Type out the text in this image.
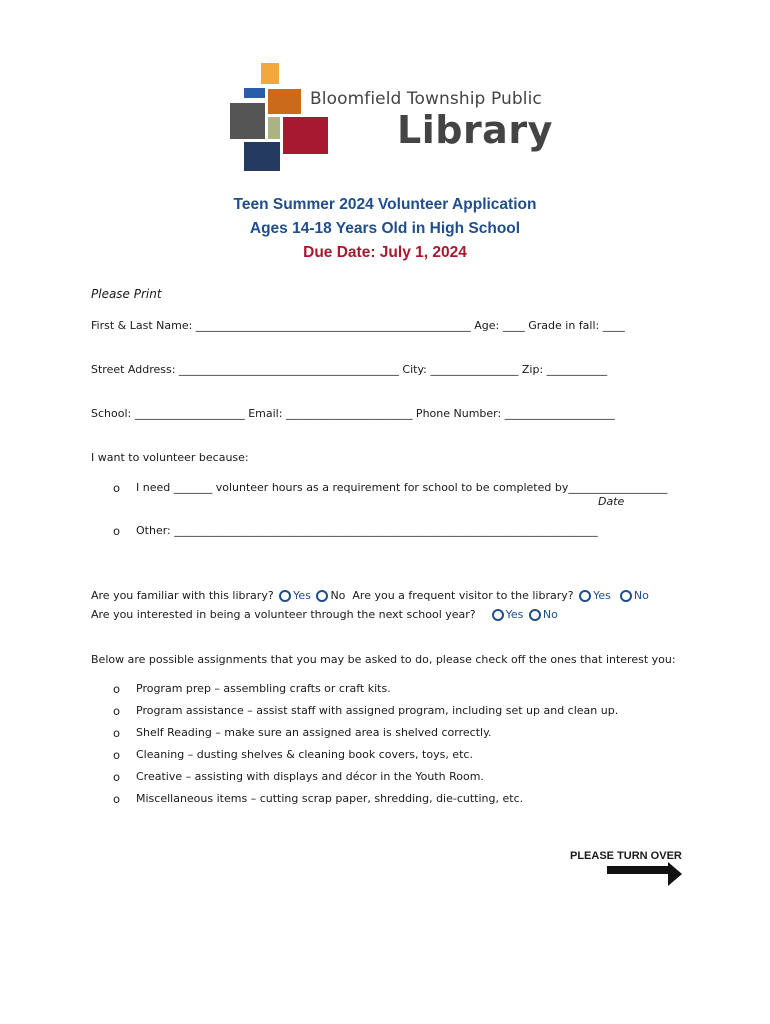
Bloomfield Township Public
Library
Teen Summer 2024 Volunteer Application
Ages 14-18 Years Old in High School
Due Date: July 1, 2024
Please Print
First & Last Name: __________________________________________________ Age: ____ Grade in fall: ____
Street Address: ________________________________________ City: ________________ Zip: ___________
School: ____________________ Email: _______________________ Phone Number: ____________________
I want to volunteer because:
o I need _______ volunteer hours as a requirement for school to be completed by__________________
Date
o Other: _____________________________________________________________________________
Are you familiar with this library? Yes No Are you a frequent visitor to the library? Yes No
Are you interested in being a volunteer through the next school year?	Yes No
Below are possible assignments that you may be asked to do, please check off the ones that interest you:
o Program prep – assembling crafts or craft kits.
o Program assistance – assist staff with assigned program, including set up and clean up.
o Shelf Reading – make sure an assigned area is shelved correctly.
o Cleaning – dusting shelves & cleaning book covers, toys, etc.
o Creative – assisting with displays and décor in the Youth Room.
o Miscellaneous items – cutting scrap paper, shredding, die-cutting, etc.
PLEASE TURN OVER
